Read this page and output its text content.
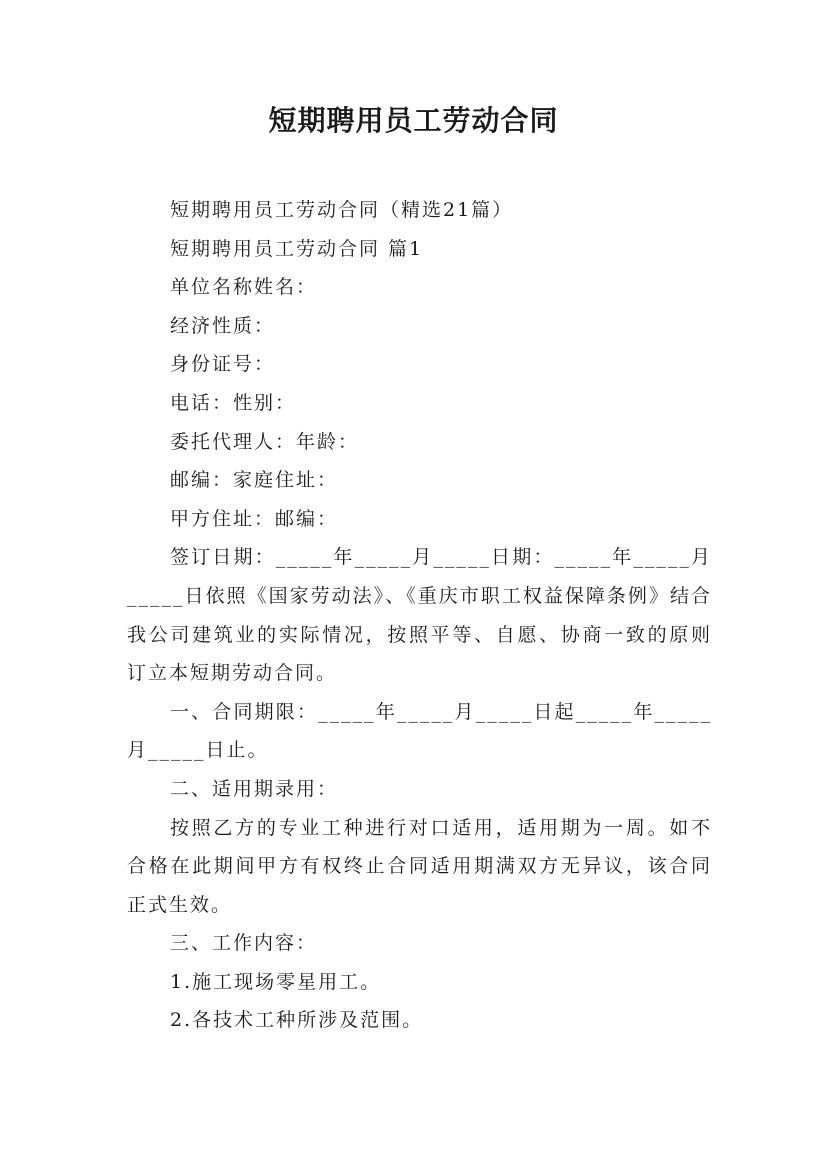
短期聘用员工劳动合同

短期聘用员工劳动合同（精选21篇）

短期聘用员工劳动合同 篇1

单位名称姓名：

经济性质：

身份证号：

电话：性别：

委托代理人：年龄：

邮编：家庭住址：

甲方住址：邮编：

签订日期：_____年_____月_____日期：_____年_____月_____日依照《国家劳动法》、《重庆市职工权益保障条例》结合我公司建筑业的实际情况，按照平等、自愿、协商一致的原则订立本短期劳动合同。

一、合同期限：_____年_____月_____日起_____年_____月_____日止。

二、适用期录用：

按照乙方的专业工种进行对口适用，适用期为一周。如不合格在此期间甲方有权终止合同适用期满双方无异议，该合同正式生效。

三、工作内容：

1.施工现场零星用工。

2.各技术工种所涉及范围。
